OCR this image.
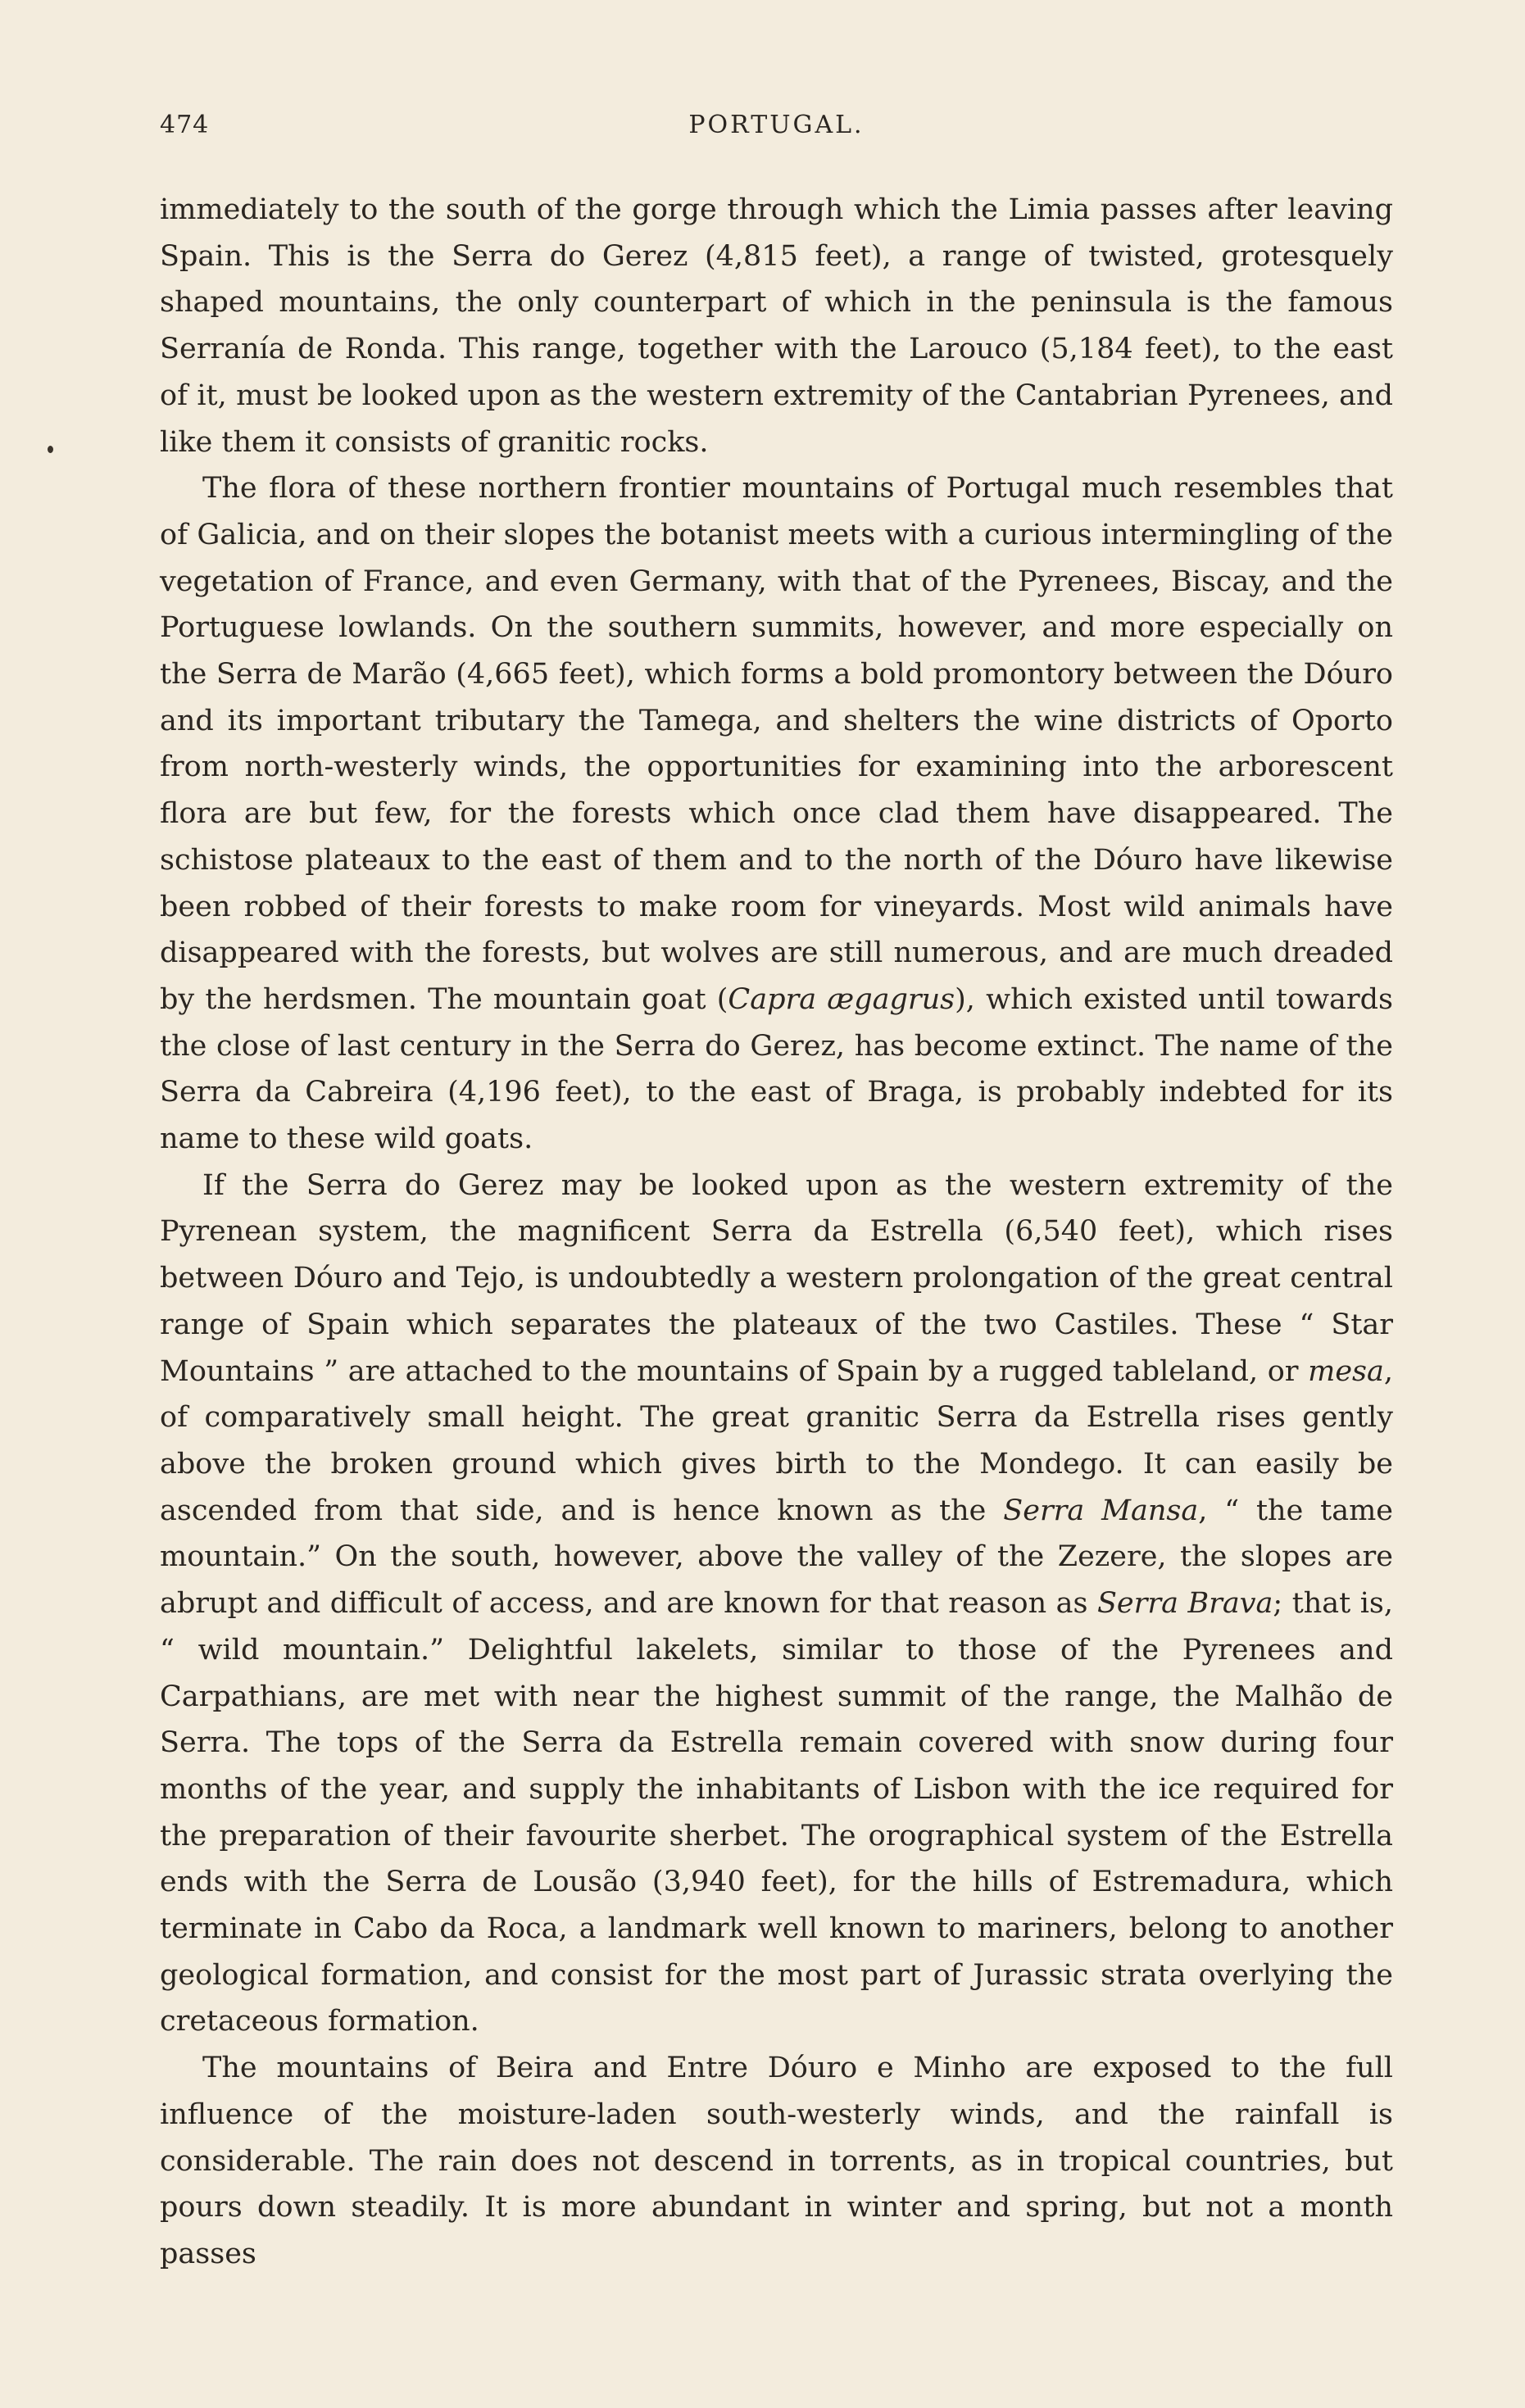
474	PORTUGAL.

immediately to the south of the gorge through which the Limia passes after leaving Spain. This is the Serra do Gerez (4,815 feet), a range of twisted, grotesquely shaped mountains, the only counterpart of which in the peninsula is the famous Serranía de Ronda. This range, together with the Larouco (5,184 feet), to the east of it, must be looked upon as the western extremity of the Cantabrian Pyrenees, and like them it consists of granitic rocks.

The flora of these northern frontier mountains of Portugal much resembles that of Galicia, and on their slopes the botanist meets with a curious intermingling of the vegetation of France, and even Germany, with that of the Pyrenees, Biscay, and the Portuguese lowlands. On the southern summits, however, and more especially on the Serra de Marão (4,665 feet), which forms a bold promontory between the Dóuro and its important tributary the Tamega, and shelters the wine districts of Oporto from north-westerly winds, the opportunities for examining into the arborescent flora are but few, for the forests which once clad them have disappeared. The schistose plateaux to the east of them and to the north of the Dóuro have likewise been robbed of their forests to make room for vineyards. Most wild animals have disappeared with the forests, but wolves are still numerous, and are much dreaded by the herdsmen. The mountain goat (Capra ægagrus), which existed until towards the close of last century in the Serra do Gerez, has become extinct. The name of the Serra da Cabreira (4,196 feet), to the east of Braga, is probably indebted for its name to these wild goats.

If the Serra do Gerez may be looked upon as the western extremity of the Pyrenean system, the magnificent Serra da Estrella (6,540 feet), which rises between Dóuro and Tejo, is undoubtedly a western prolongation of the great central range of Spain which separates the plateaux of the two Castiles. These “ Star Mountains ” are attached to the mountains of Spain by a rugged tableland, or mesa, of comparatively small height. The great granitic Serra da Estrella rises gently above the broken ground which gives birth to the Mondego. It can easily be ascended from that side, and is hence known as the Serra Mansa, “ the tame mountain.” On the south, however, above the valley of the Zezere, the slopes are abrupt and difficult of access, and are known for that reason as Serra Brava; that is, “ wild mountain.” Delightful lakelets, similar to those of the Pyrenees and Carpathians, are met with near the highest summit of the range, the Malhão de Serra. The tops of the Serra da Estrella remain covered with snow during four months of the year, and supply the inhabitants of Lisbon with the ice required for the preparation of their favourite sherbet. The orographical system of the Estrella ends with the Serra de Lousão (3,940 feet), for the hills of Estremadura, which terminate in Cabo da Roca, a landmark well known to mariners, belong to another geological formation, and consist for the most part of Jurassic strata overlying the cretaceous formation.

The mountains of Beira and Entre Dóuro e Minho are exposed to the full influence of the moisture-laden south-westerly winds, and the rainfall is considerable. The rain does not descend in torrents, as in tropical countries, but pours down steadily. It is more abundant in winter and spring, but not a month passes
